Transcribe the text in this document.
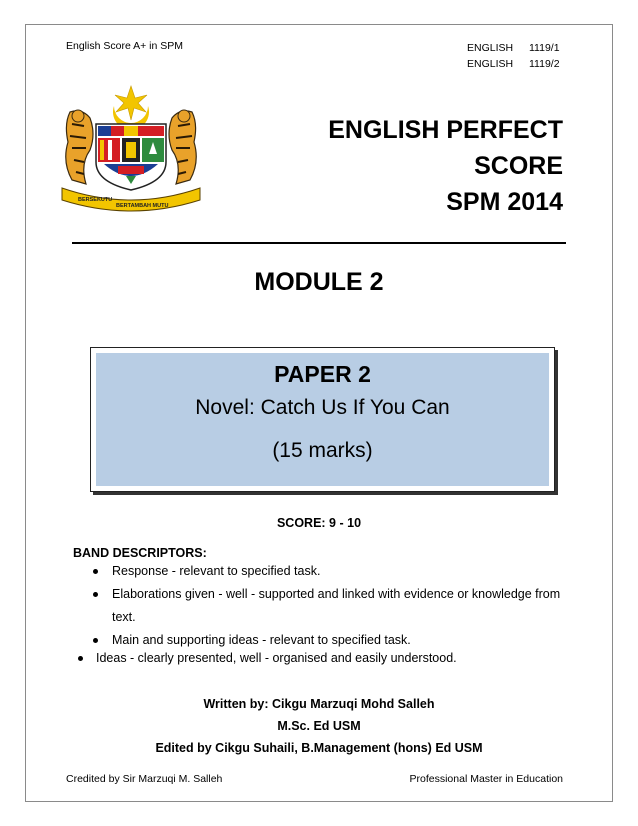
English Score A+ in SPM	ENGLISH	1119/1
ENGLISH	1119/2
BERSEKUTU
BERTAMBAH MUTU
ENGLISH PERFECT
SCORE
SPM 2014
MODULE 2
PAPER 2
Novel: Catch Us If You Can
(15 marks)
SCORE: 9 - 10
BAND DESCRIPTORS:
Response - relevant to specified task.
Elaborations given - well - supported and linked with evidence or knowledge from text.
Main and supporting ideas - relevant to specified task.
Ideas - clearly presented, well - organised and easily understood.
Written by: Cikgu Marzuqi Mohd Salleh
M.Sc. Ed USM
Edited by Cikgu Suhaili, B.Management (hons) Ed USM
Credited by Sir Marzuqi M. Salleh	Professional Master in Education
